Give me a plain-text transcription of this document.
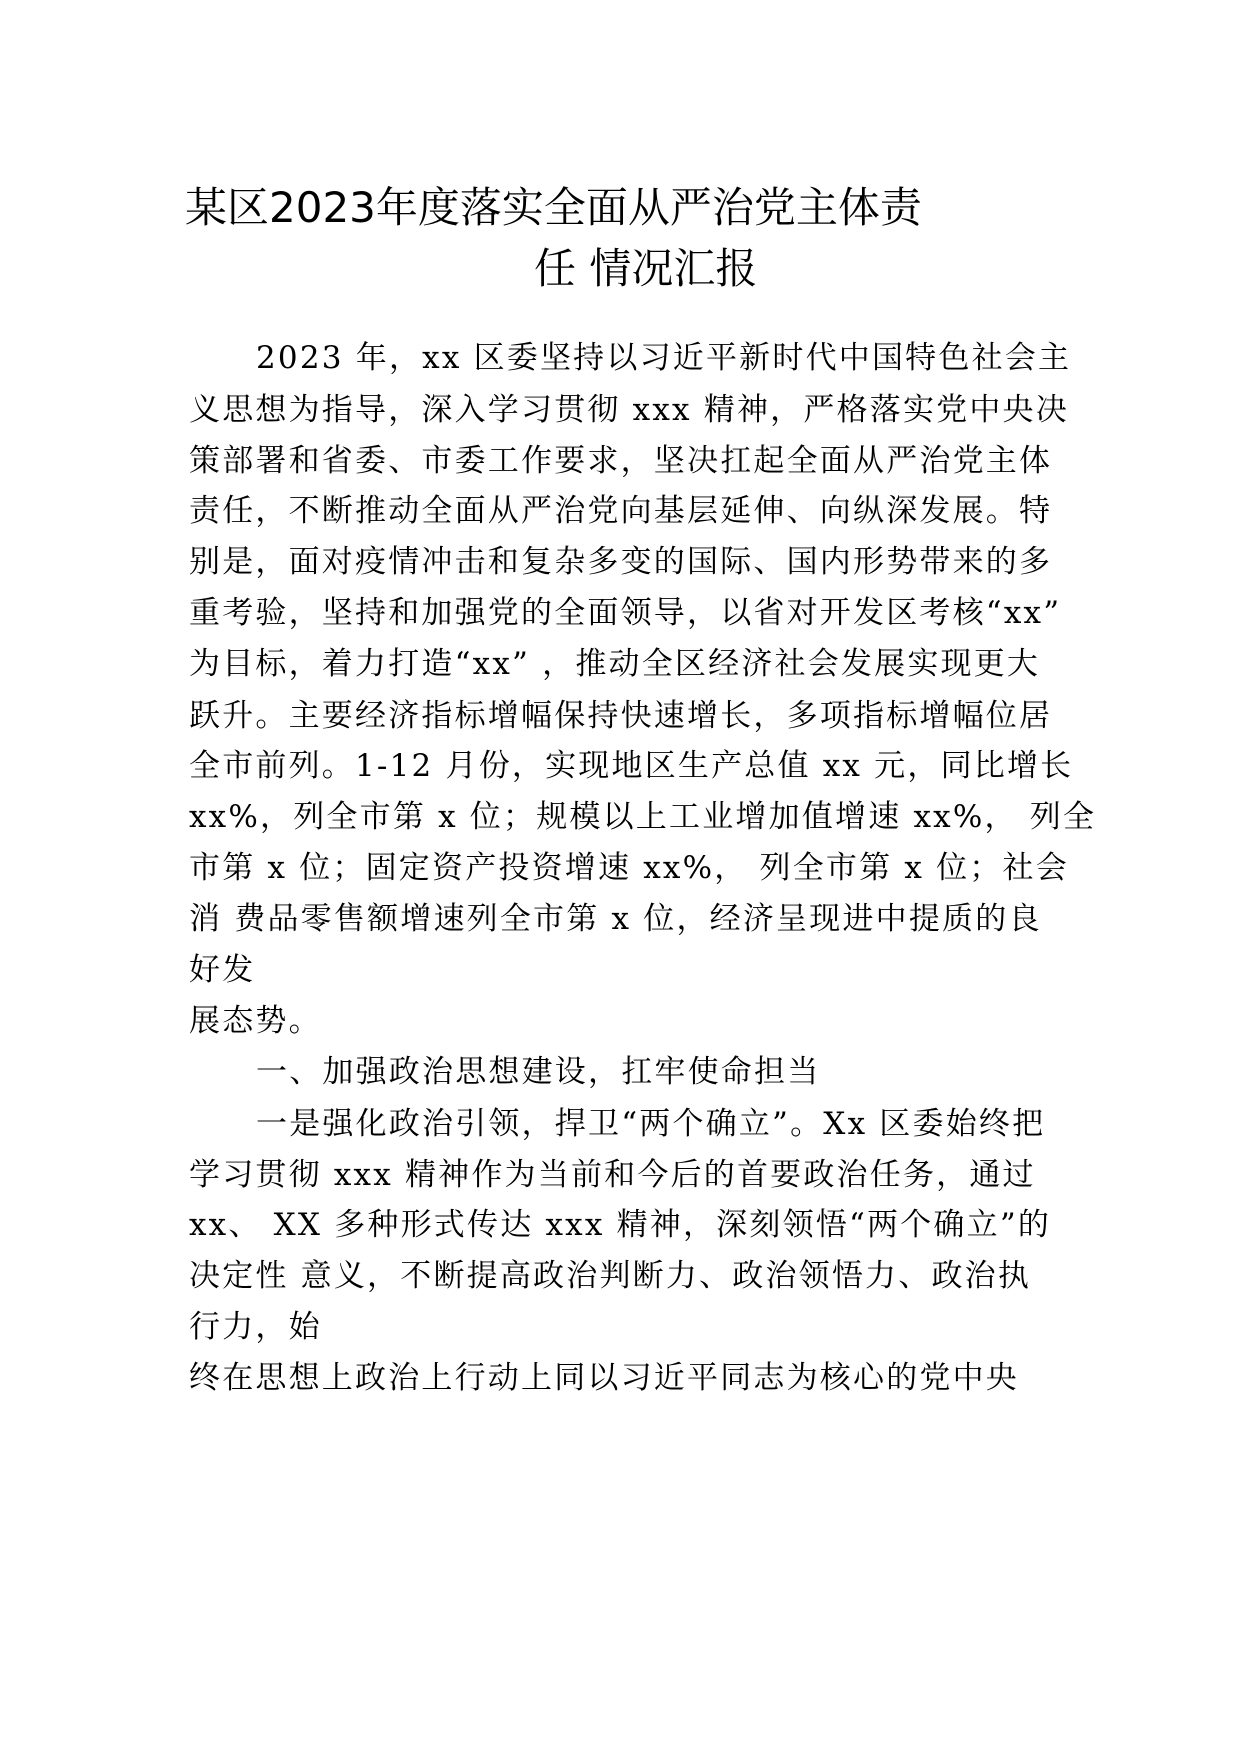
某区2023年度落实全面从严治党主体责
任 情况汇报
2023 年，xx 区委坚持以习近平新时代中国特色社会主
义思想为指导，深入学习贯彻 xxx 精神，严格落实党中央决
策部署和省委、市委工作要求，坚决扛起全面从严治党主体
责任，不断推动全面从严治党向基层延伸、向纵深发展。特
别是，面对疫情冲击和复杂多变的国际、国内形势带来的多
重考验，坚持和加强党的全面领导，以省对开发区考核“xx”
为目标，着力打造“xx” ，推动全区经济社会发展实现更大
跃升。主要经济指标增幅保持快速增长，多项指标增幅位居
全市前列。1-12 月份，实现地区生产总值 xx 元，同比增长
xx%，列全市第 x 位；规模以上工业增加值增速 xx%， 列全
市第 x 位；固定资产投资增速 xx%， 列全市第 x 位；社会
消 费品零售额增速列全市第 x 位，经济呈现进中提质的良
好发
展态势。
一、加强政治思想建设，扛牢使命担当
一是强化政治引领，捍卫“两个确立”。Xx 区委始终把
学习贯彻 xxx 精神作为当前和今后的首要政治任务，通过
xx、 XX 多种形式传达 xxx 精神，深刻领悟“两个确立”的
决定性 意义，不断提高政治判断力、政治领悟力、政治执
行力，始
终在思想上政治上行动上同以习近平同志为核心的党中央
